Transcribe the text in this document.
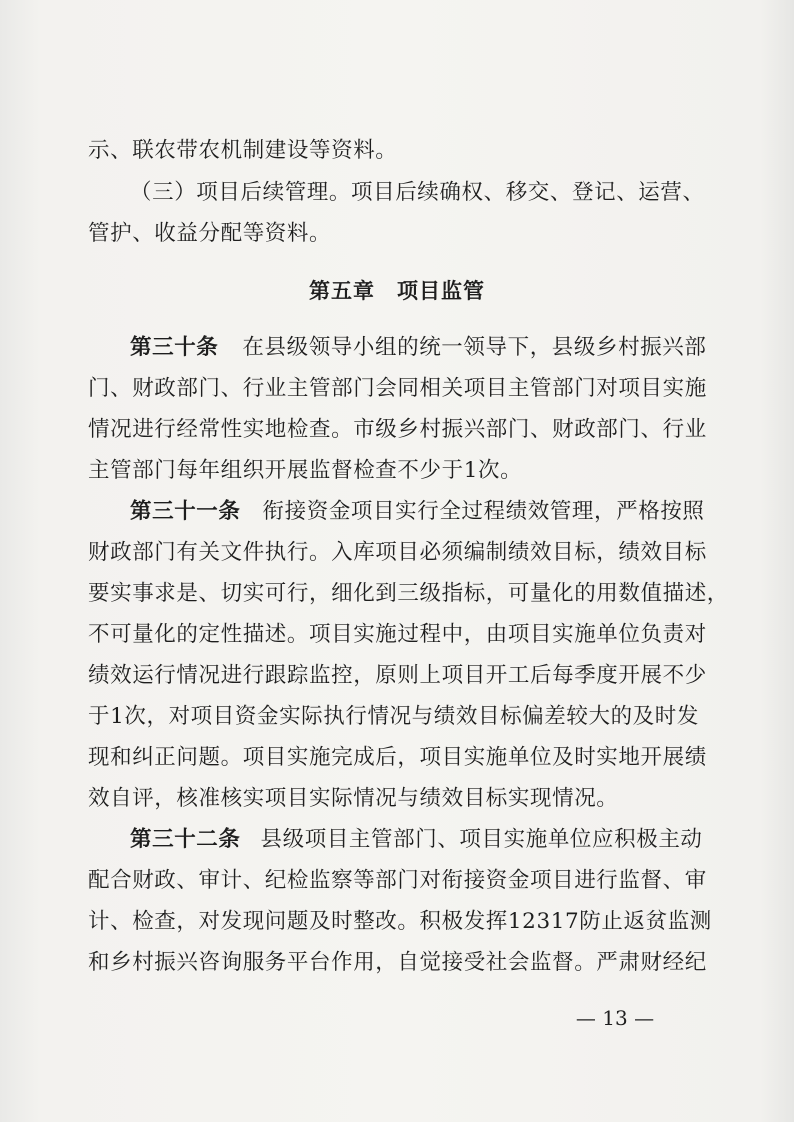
示、联农带农机制建设等资料。
（三）项目后续管理。项目后续确权、移交、登记、运营、
管护、收益分配等资料。
第五章　项目监管
第三十条 在县级领导小组的统一领导下，县级乡村振兴部
门、财政部门、行业主管部门会同相关项目主管部门对项目实施
情况进行经常性实地检查。市级乡村振兴部门、财政部门、行业
主管部门每年组织开展监督检查不少于1次。
第三十一条 衔接资金项目实行全过程绩效管理，严格按照
财政部门有关文件执行。入库项目必须编制绩效目标，绩效目标
要实事求是、切实可行，细化到三级指标，可量化的用数值描述，
不可量化的定性描述。项目实施过程中，由项目实施单位负责对
绩效运行情况进行跟踪监控，原则上项目开工后每季度开展不少
于1次，对项目资金实际执行情况与绩效目标偏差较大的及时发
现和纠正问题。项目实施完成后，项目实施单位及时实地开展绩
效自评，核准核实项目实际情况与绩效目标实现情况。
第三十二条 县级项目主管部门、项目实施单位应积极主动
配合财政、审计、纪检监察等部门对衔接资金项目进行监督、审
计、检查，对发现问题及时整改。积极发挥12317防止返贫监测
和乡村振兴咨询服务平台作用，自觉接受社会监督。严肃财经纪
— 13 —
